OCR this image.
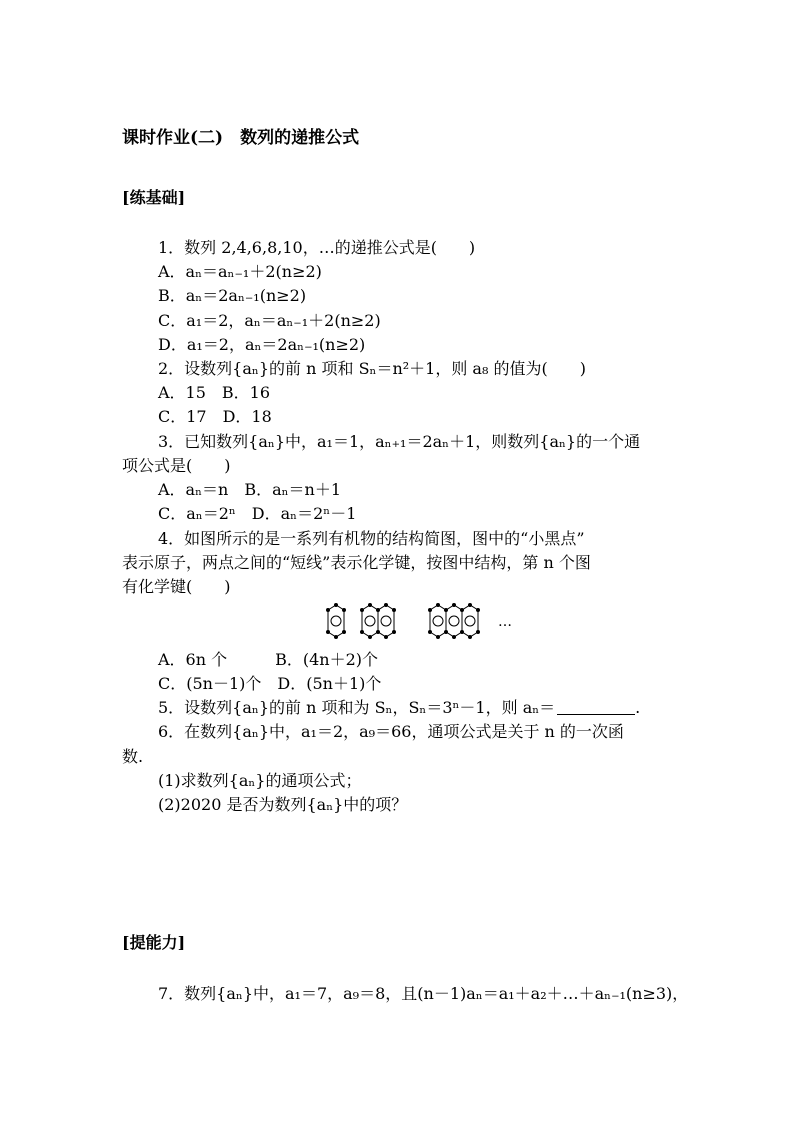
课时作业(二)　数列的递推公式
[练基础]
1．数列 2,4,6,8,10，…的递推公式是(　　)
A．aₙ＝aₙ₋₁＋2(n≥2)
B．aₙ＝2aₙ₋₁(n≥2)
C．a₁＝2，aₙ＝aₙ₋₁＋2(n≥2)
D．a₁＝2，aₙ＝2aₙ₋₁(n≥2)
2．设数列{aₙ}的前 n 项和 Sₙ＝n²＋1，则 a₈ 的值为(　　)
A．15　B．16
C．17　D．18
3．已知数列{aₙ}中，a₁＝1，aₙ₊₁＝2aₙ＋1，则数列{aₙ}的一个通
项公式是(　　)
A．aₙ＝n　B．aₙ＝n＋1
C．aₙ＝2ⁿ　D．aₙ＝2ⁿ－1
4．如图所示的是一系列有机物的结构简图，图中的“小黑点”
表示原子，两点之间的“短线”表示化学键，按图中结构，第 n 个图
有化学键(　　)
…
A．6n 个　　　B．(4n＋2)个
C．(5n－1)个　D．(5n＋1)个
5．设数列{aₙ}的前 n 项和为 Sₙ，Sₙ＝3ⁿ－1，则 aₙ＝	.
6．在数列{aₙ}中，a₁＝2，a₉＝66，通项公式是关于 n 的一次函
数.
(1)求数列{aₙ}的通项公式；
(2)2020 是否为数列{aₙ}中的项？
[提能力]
7．数列{aₙ}中，a₁＝7，a₉＝8，且(n－1)aₙ＝a₁＋a₂＋…＋aₙ₋₁(n≥3)，
